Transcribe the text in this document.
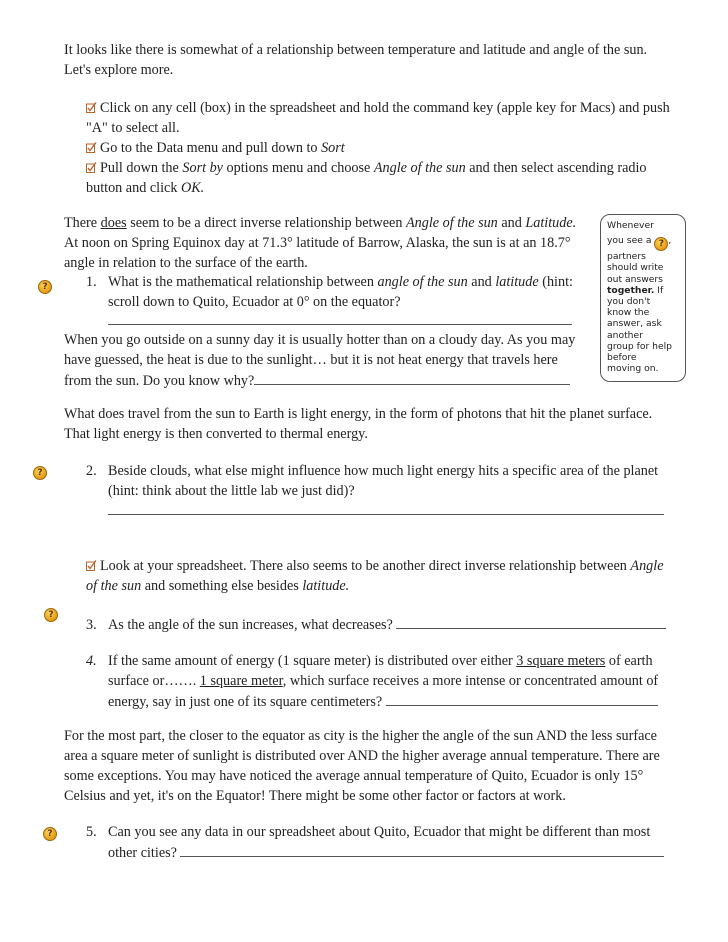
It looks like there is somewhat of a relationship between temperature and latitude and angle of the sun.

Let's explore more.

Click on any cell (box) in the spreadsheet and hold the command key (apple key for Macs) and push

"A" to select all.

Go to the Data menu and pull down to Sort

Pull down the Sort by options menu and choose Angle of the sun and then select ascending radio

button and click OK.

There does seem to be a direct inverse relationship between Angle of the sun and Latitude.

At noon on Spring Equinox day at 71.3° latitude of Barrow, Alaska, the sun is at an 18.7°

angle in relation to the surface of the earth.

?	1. What is the mathematical relationship between angle of the sun and latitude (hint:

scroll down to Quito, Ecuador at 0° on the equator?

When you go outside on a sunny day it is usually hotter than on a cloudy day. As you may

have guessed, the heat is due to the sunlight… but it is not heat energy that travels here

from the sun. Do you know why?

Whenever
you see a ? ,
partners
should write
out answers
together. If
you don't
know the
answer, ask
another
group for help
before
moving on.

What does travel from the sun to Earth is light energy, in the form of photons that hit the planet surface.

That light energy is then converted to thermal energy.

?	2. Beside clouds, what else might influence how much light energy hits a specific area of the planet

(hint: think about the little lab we just did)?

Look at your spreadsheet. There also seems to be another direct inverse relationship between Angle

of the sun and something else besides latitude.

?

3. As the angle of the sun increases, what decreases?

4. If the same amount of energy (1 square meter) is distributed over either 3 square meters of earth

surface or……. 1 square meter, which surface receives a more intense or concentrated amount of

energy, say in just one of its square centimeters?

For the most part, the closer to the equator as city is the higher the angle of the sun AND the less surface

area a square meter of sunlight is distributed over AND the higher average annual temperature. There are

some exceptions. You may have noticed the average annual temperature of Quito, Ecuador is only 15°

Celsius and yet, it's on the Equator! There might be some other factor or factors at work.

?	5. Can you see any data in our spreadsheet about Quito, Ecuador that might be different than most

other cities?
